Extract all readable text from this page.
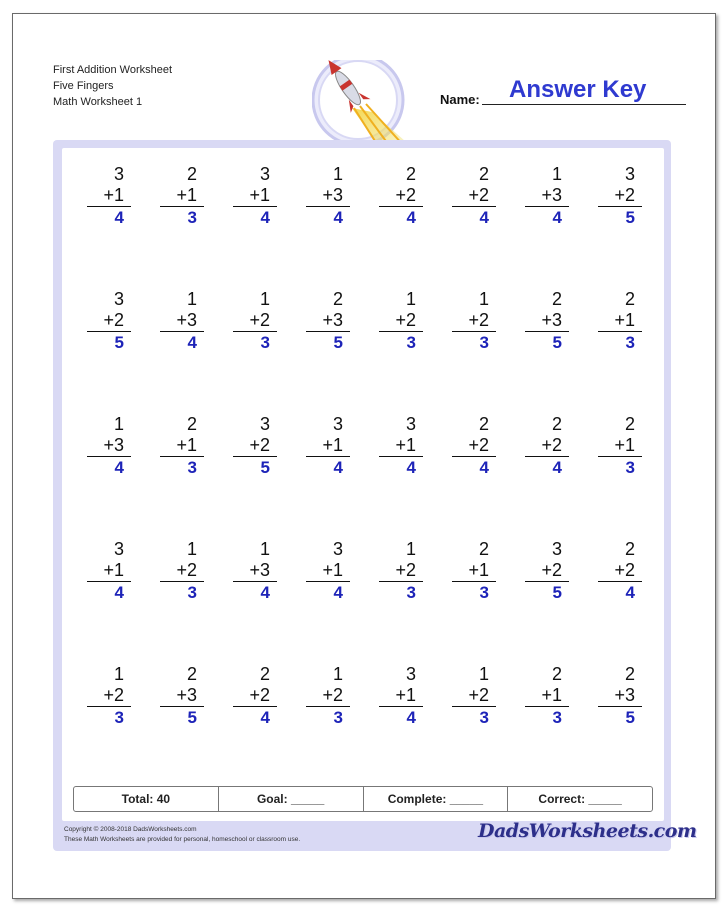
First Addition Worksheet
Five Fingers
Math Worksheet 1	Name: Answer Key
3
+1
4
2
+1
3
3
+1
4
1
+3
4
2
+2
4
2
+2
4
1
+3
4
3
+2
5
3
+2
5
1
+3
4
1
+2
3
2
+3
5
1
+2
3
1
+2
3
2
+3
5
2
+1
3
1
+3
4
2
+1
3
3
+2
5
3
+1
4
3
+1
4
2
+2
4
2
+2
4
2
+1
3
3
+1
4
1
+2
3
1
+3
4
3
+1
4
1
+2
3
2
+1
3
3
+2
5
2
+2
4
1
+2
3
2
+3
5
2
+2
4
1
+2
3
3
+1
4
1
+2
3
2
+1
3
2
+3
5
Total: 40	Goal: _____	Complete: _____	Correct: _____
Copyright © 2008-2018 DadsWorksheets.com
These Math Worksheets are provided for personal, homeschool or classroom use.	DadsWorksheets.com
